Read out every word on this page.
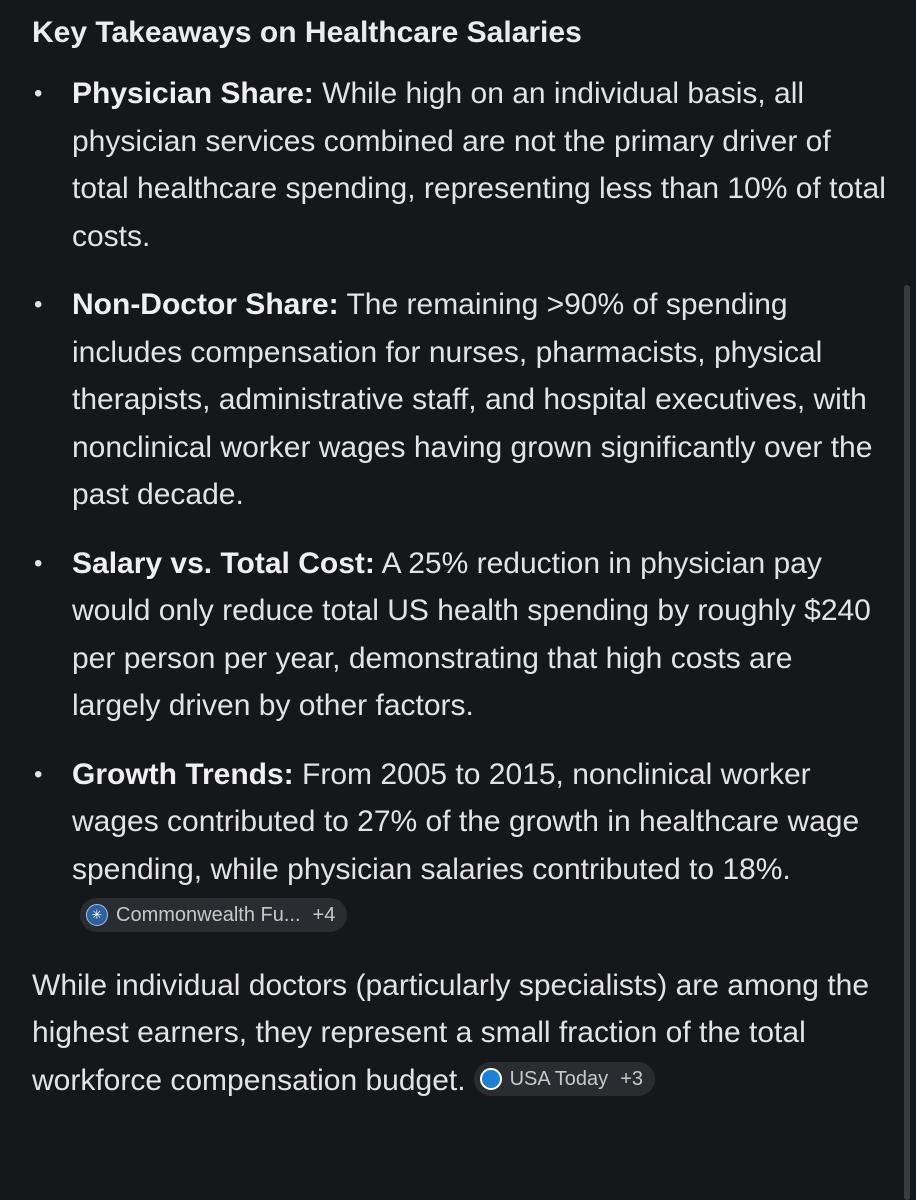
Key Takeaways on Healthcare Salaries
• Physician Share: While high on an individual basis, all physician services combined are not the primary driver of total healthcare spending, representing less than 10% of total costs.
• Non-Doctor Share: The remaining >90% of spending includes compensation for nurses, pharmacists, physical therapists, administrative staff, and hospital executives, with nonclinical worker wages having grown significantly over the past decade.
• Salary vs. Total Cost: A 25% reduction in physician pay would only reduce total US health spending by roughly $240 per person per year, demonstrating that high costs are largely driven by other factors.
• Growth Trends: From 2005 to 2015, nonclinical worker wages contributed to 27% of the growth in healthcare wage spending, while physician salaries contributed to 18%.
✳
Commonwealth Fu... +4
While individual doctors (particularly specialists) are among the highest earners, they represent a small fraction of the total workforce compensation budget. USA Today +3
